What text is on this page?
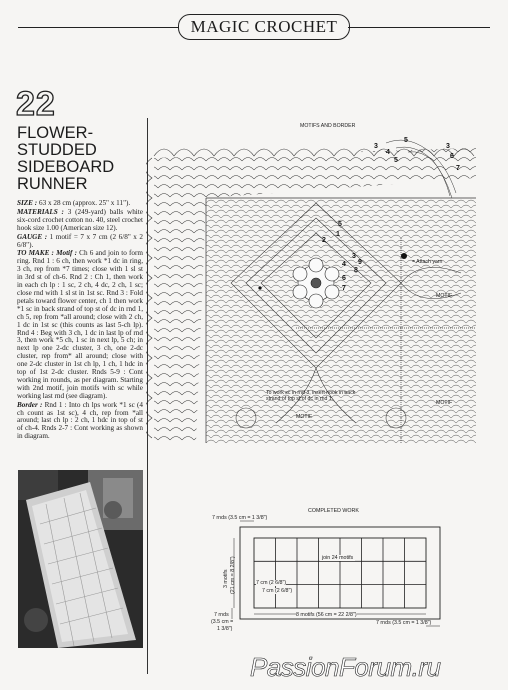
MAGIC CROCHET
22
FLOWER-
STUDDED
SIDEBOARD
RUNNER

SIZE : 63 x 28 cm (approx. 25" x 11").

MATERIALS : 3 (249-yard) balls white six-cord crochet cotton no. 40, steel crochet hook size 1.00 (American size 12).

GAUGE : 1 motif = 7 x 7 cm (2 6/8" x 2 6/8").

TO MAKE : Motif : Ch 6 and join to form ring. Rnd 1 : 6 ch, then work *1 dc in ring, 3 ch, rep from *7 times; close with 1 sl st in 3rd st of ch-6. Rnd 2 : Ch 1, then work in each ch lp : 1 sc, 2 ch, 4 dc, 2 ch, 1 sc; close rnd with 1 sl st in 1st sc. Rnd 3 : Fold petals toward flower center, ch 1 then work *1 sc in back strand of top st of dc in rnd 1, ch 5, rep from *all around; close with 2 ch, 1 dc in 1st sc (this counts as last 5-ch lp). Rnd 4 : Beg with 3 ch, 1 dc in last lp of rnd 3, then work *5 ch, 1 sc in next lp, 5 ch; in next lp one 2-dc cluster, 3 ch, one 2-dc cluster, rep from* all around; close with one 2-dc cluster in 1st ch lp, 1 ch, 1 hdc in top of 1st 2-dc cluster. Rnds 5-9 : Cont working in rounds, as per diagram. Starting with 2nd motif, join motifs with sc while working last rnd (see diagram).

Border : Rnd 1 : Into ch lps work *1 sc (4 ch count as 1st sc), 4 ch, rep from *all around; last ch lp : 2 ch, 1 hdc in top of st of ch-4. Rnds 2-7 : Cont working as shown in diagram.

MOTIFS AND BORDER
3
4
5
6
7
5
3
1
2
3
4
5
6
7
8
9	= Attach yarn
MOTIF
MOTIF
MOTIF
To work sc in rnd 3, insert hook in back strand of top st of dc in rnd 1.
COMPLETED WORK
7 rnds (3.5 cm = 1 3/8")
join 24 motifs
3 motifs (21 cm = 8 2/8")	7 cm (2 6/8")
7 cm (2 6/8")
8 motifs (56 cm = 22 2/8")
7 rnds
(3.5 cm =
1 3/8")
7 rnds (3.5 cm = 1 3/8")
PassionForum.ru
